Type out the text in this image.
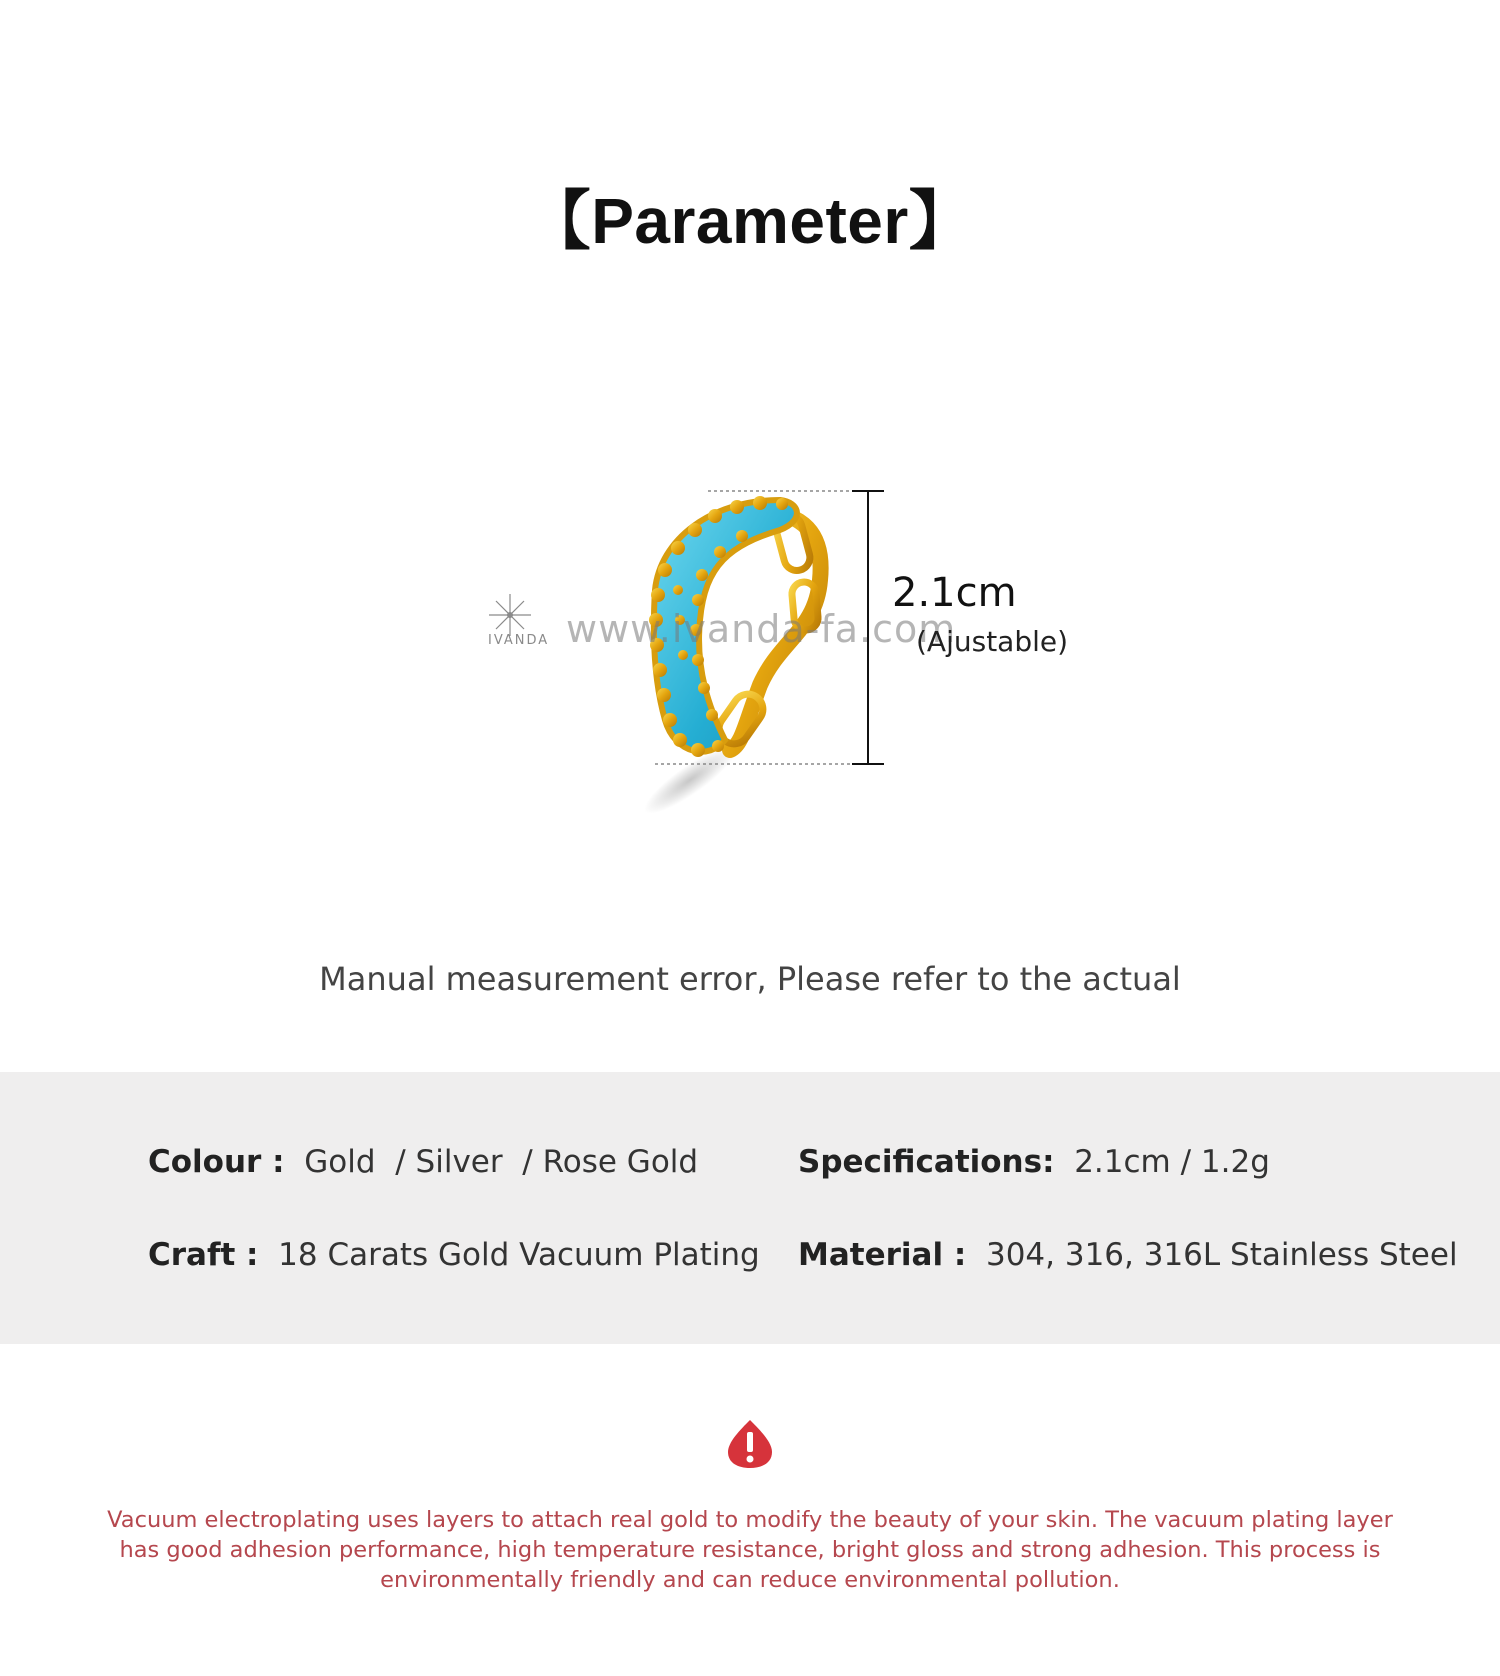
【Parameter】
IVANDA www.ivanda-fa.com
2.1cm
(Ajustable)
Manual measurement error, Please refer to the actual
Colour : Gold  / Silver  / Rose Gold	Specifications: 2.1cm / 1.2g
Craft : 18 Carats Gold Vacuum Plating Material : 304, 316, 316L Stainless Steel
Vacuum electroplating uses layers to attach real gold to modify the beauty of your skin. The vacuum plating layer has good adhesion performance, high temperature resistance, bright gloss and strong adhesion. This process is environmentally friendly and can reduce environmental pollution.
